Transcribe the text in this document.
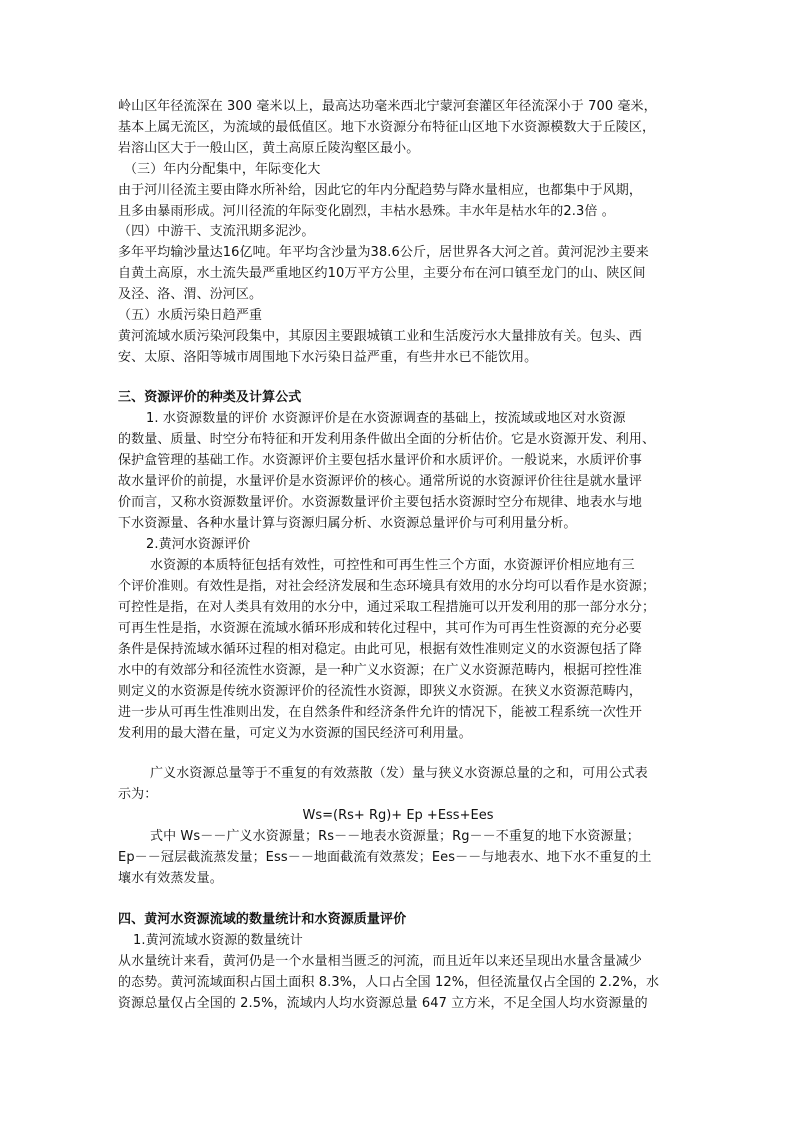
岭山区年径流深在 300 毫米以上，最高达功毫米西北宁蒙河套灌区年径流深小于 700 毫米，
基本上属无流区，为流域的最低值区。地下水资源分布特征山区地下水资源模数大于丘陵区，
岩溶山区大于一般山区，黄土高原丘陵沟壑区最小。
（三）年内分配集中，年际变化大
由于河川径流主要由降水所补给，因此它的年内分配趋势与降水量相应，也都集中于风期，
且多由暴雨形成。河川径流的年际变化剧烈，丰枯水悬殊。丰水年是枯水年的2.3倍 。
（四）中游干、支流汛期多泥沙。
多年平均输沙量达16亿吨。年平均含沙量为38.6公斤，居世界各大河之首。黄河泥沙主要来
自黄土高原，水土流失最严重地区约10万平方公里，主要分布在河口镇至龙门的山、陕区间
及泾、洛、渭、汾河区。
（五）水质污染日趋严重
黄河流域水质污染河段集中，其原因主要跟城镇工业和生活废污水大量排放有关。包头、西
安、太原、洛阳等城市周围地下水污染日益严重，有些井水已不能饮用。
三、资源评价的种类及计算公式
1. 水资源数量的评价 水资源评价是在水资源调查的基础上，按流域或地区对水资源
的数量、质量、时空分布特征和开发利用条件做出全面的分析估价。它是水资源开发、利用、
保护盒管理的基础工作。水资源评价主要包括水量评价和水质评价。一般说来，水质评价事
故水量评价的前提，水量评价是水资源评价的核心。通常所说的水资源评价往往是就水量评
价而言，又称水资源数量评价。水资源数量评价主要包括水资源时空分布规律、地表水与地
下水资源量、各种水量计算与资源归属分析、水资源总量评价与可利用量分析。
2.黄河水资源评价
水资源的本质特征包括有效性，可控性和可再生性三个方面，水资源评价相应地有三
个评价准则。有效性是指，对社会经济发展和生态环境具有效用的水分均可以看作是水资源；
可控性是指，在对人类具有效用的水分中，通过采取工程措施可以开发利用的那一部分水分；
可再生性是指，水资源在流域水循环形成和转化过程中，其可作为可再生性资源的充分必要
条件是保持流域水循环过程的相对稳定。由此可见，根据有效性准则定义的水资源包括了降
水中的有效部分和径流性水资源，是一种广义水资源；在广义水资源范畴内，根据可控性准
则定义的水资源是传统水资源评价的径流性水资源，即狭义水资源。在狭义水资源范畴内，
进一步从可再生性准则出发，在自然条件和经济条件允许的情况下，能被工程系统一次性开
发利用的最大潜在量，可定义为水资源的国民经济可利用量。
广义水资源总量等于不重复的有效蒸散（发）量与狭义水资源总量的之和，可用公式表
示为：
Ws=(Rs+ Rg)+ Ep +Ess+Ees
式中 Ws－－广义水资源量；Rs－－地表水资源量；Rg－－不重复的地下水资源量；
Ep－－冠层截流蒸发量；Ess－－地面截流有效蒸发；Ees－－与地表水、地下水不重复的土
壤水有效蒸发量。
四、黄河水资源流域的数量统计和水资源质量评价
1.黄河流域水资源的数量统计
从水量统计来看，黄河仍是一个水量相当匮乏的河流，而且近年以来还呈现出水量含量减少
的态势。黄河流域面积占国土面积 8.3%，人口占全国 12%，但径流量仅占全国的 2.2%，水
资源总量仅占全国的 2.5%，流域内人均水资源总量 647 立方米，不足全国人均水资源量的
